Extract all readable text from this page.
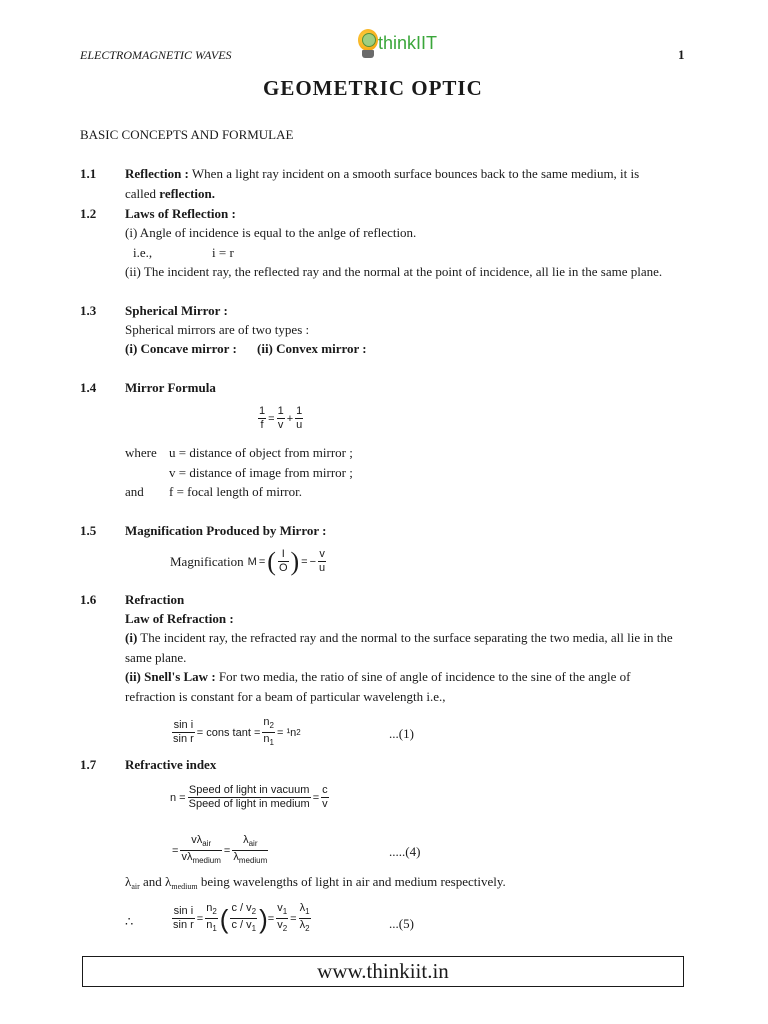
ELECTROMAGNETIC WAVES
thinkIIT
1
GEOMETRIC OPTIC
BASIC CONCEPTS AND FORMULAE
1.1 Reflection : When a light ray incident on a smooth surface bounces back to the same medium, it is
called reflection.
1.2 Laws of Reflection :
(i) Angle of incidence is equal to the anlge of reflection.
i.e.,	i = r
(ii) The incident ray, the reflected ray and the normal at the point of incidence, all lie in the same plane.
1.3 Spherical Mirror :
Spherical mirrors are of two types :
(i) Concave mirror : (ii) Convex mirror :
1.4 Mirror Formula
$\frac{1}{f} = \frac{1}{v} + \frac{1}{u}$
where u = distance of object from mirror ;
v = distance of image from mirror ;
and f = focal length of mirror.
1.5 Magnification Produced by Mirror :
Magnification M = ( $\frac{I}{O}$ ) = − $\frac{v}{u}$
1.6 Refraction
Law of Refraction :
(i) The incident ray, the refracted ray and the normal to the surface separating the two media, all lie in the
same plane.
(ii) Snell's Law : For two media, the ratio of sine of angle of incidence to the sine of the angle of
refraction is constant for a beam of particular wavelength i.e.,
$\frac{\text{sin i}}{\text{sin r}}$ = cons $\tan t = \frac{n_2}{n_1} = ^1n$ 2	...(1)
1.7 Refractive index
$n = \frac{\text{Speed of light in vacuum}}{\text{Speed of light in medium}} = \frac{c}{v}$
= $\frac{v\lambda_{air}}{v\lambda_{medium}} = \frac{\lambda_{air}}{\lambda_{medium}}$	.....(4)
$\lambda_{air}$ and $\lambda_{medium}$ being wavelengths of light in air and medium respectively.
∴	$\frac{\text{sin i}}{\text{sin r}} = \frac{n_2}{n_1}$ ( $\frac{c / v_2}{c / v_1}$ ) = $\frac{v_1}{v_2} = \frac{\lambda_1}{\lambda_2}$	...(5)
www.thinkiit.in
